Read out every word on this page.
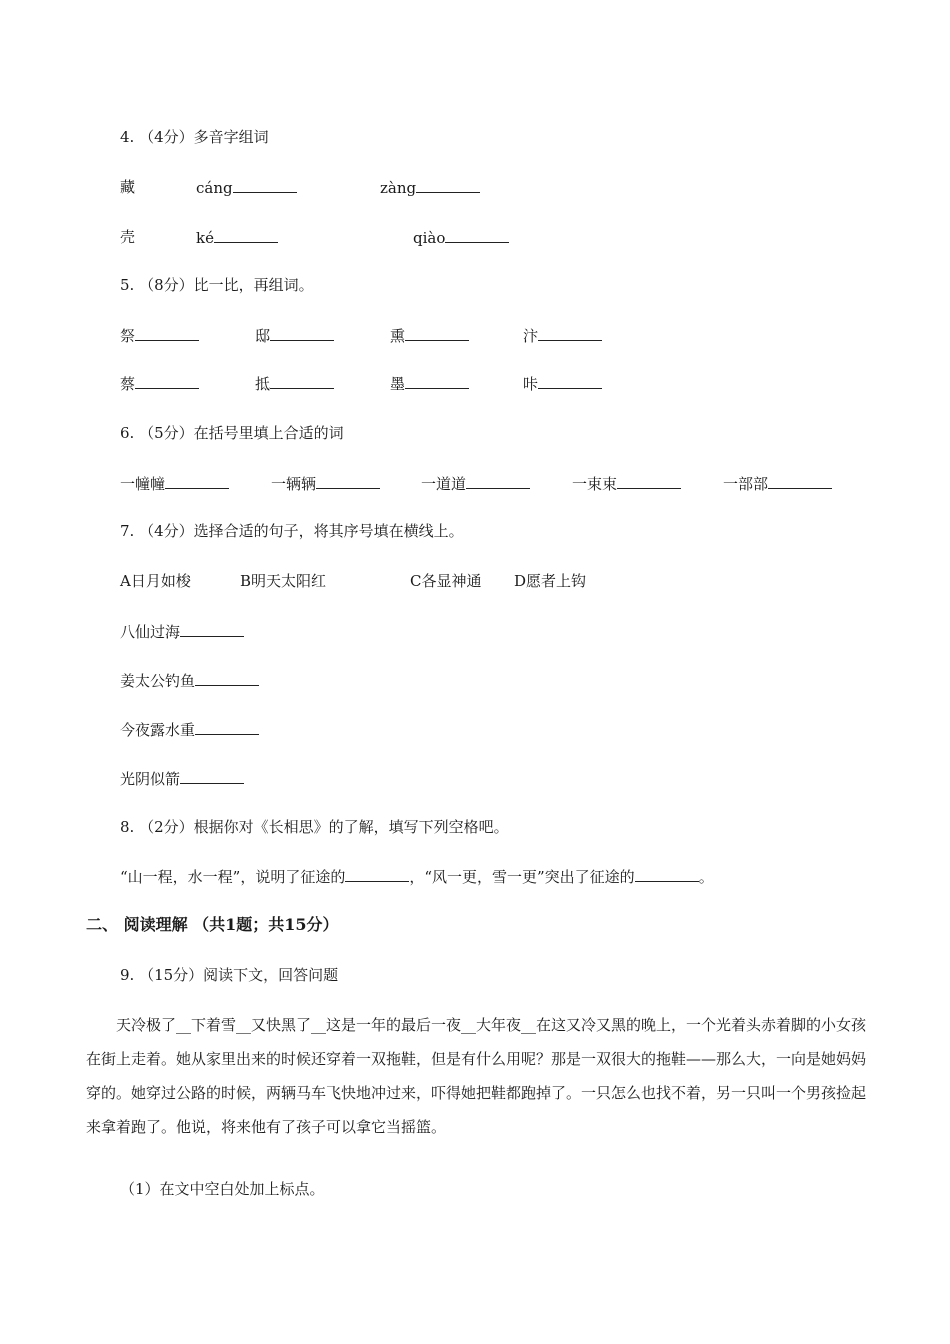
4. （4分）多音字组词
藏	cáng	zàng
壳	ké	qiào
5. （8分）比一比，再组词。
祭	邸	熏	汴
蔡	抵	墨	咔
6. （5分）在括号里填上合适的词
一幢幢	一辆辆	一道道	一束束	一部部
7. （4分）选择合适的句子，将其序号填在横线上。
A日月如梭	B明天太阳红	C各显神通 D愿者上钩
八仙过海
姜太公钓鱼
今夜露水重
光阴似箭
8. （2分）根据你对《长相思》的了解，填写下列空格吧。
“山一程，水一程”，说明了征途的	，“风一更，雪一更”突出了征途的	。
二、 阅读理解 （共1题；共15分）
9. （15分）阅读下文，回答问题
天冷极了__下着雪__又快黑了__这是一年的最后一夜__大年夜__在这又冷又黑的晚上，一个光着头赤着脚的小女孩在街上走着。她从家里出来的时候还穿着一双拖鞋，但是有什么用呢？那是一双很大的拖鞋——那么大，一向是她妈妈穿的。她穿过公路的时候，两辆马车飞快地冲过来，吓得她把鞋都跑掉了。一只怎么也找不着，另一只叫一个男孩捡起来拿着跑了。他说，将来他有了孩子可以拿它当摇篮。
（1）在文中空白处加上标点。
